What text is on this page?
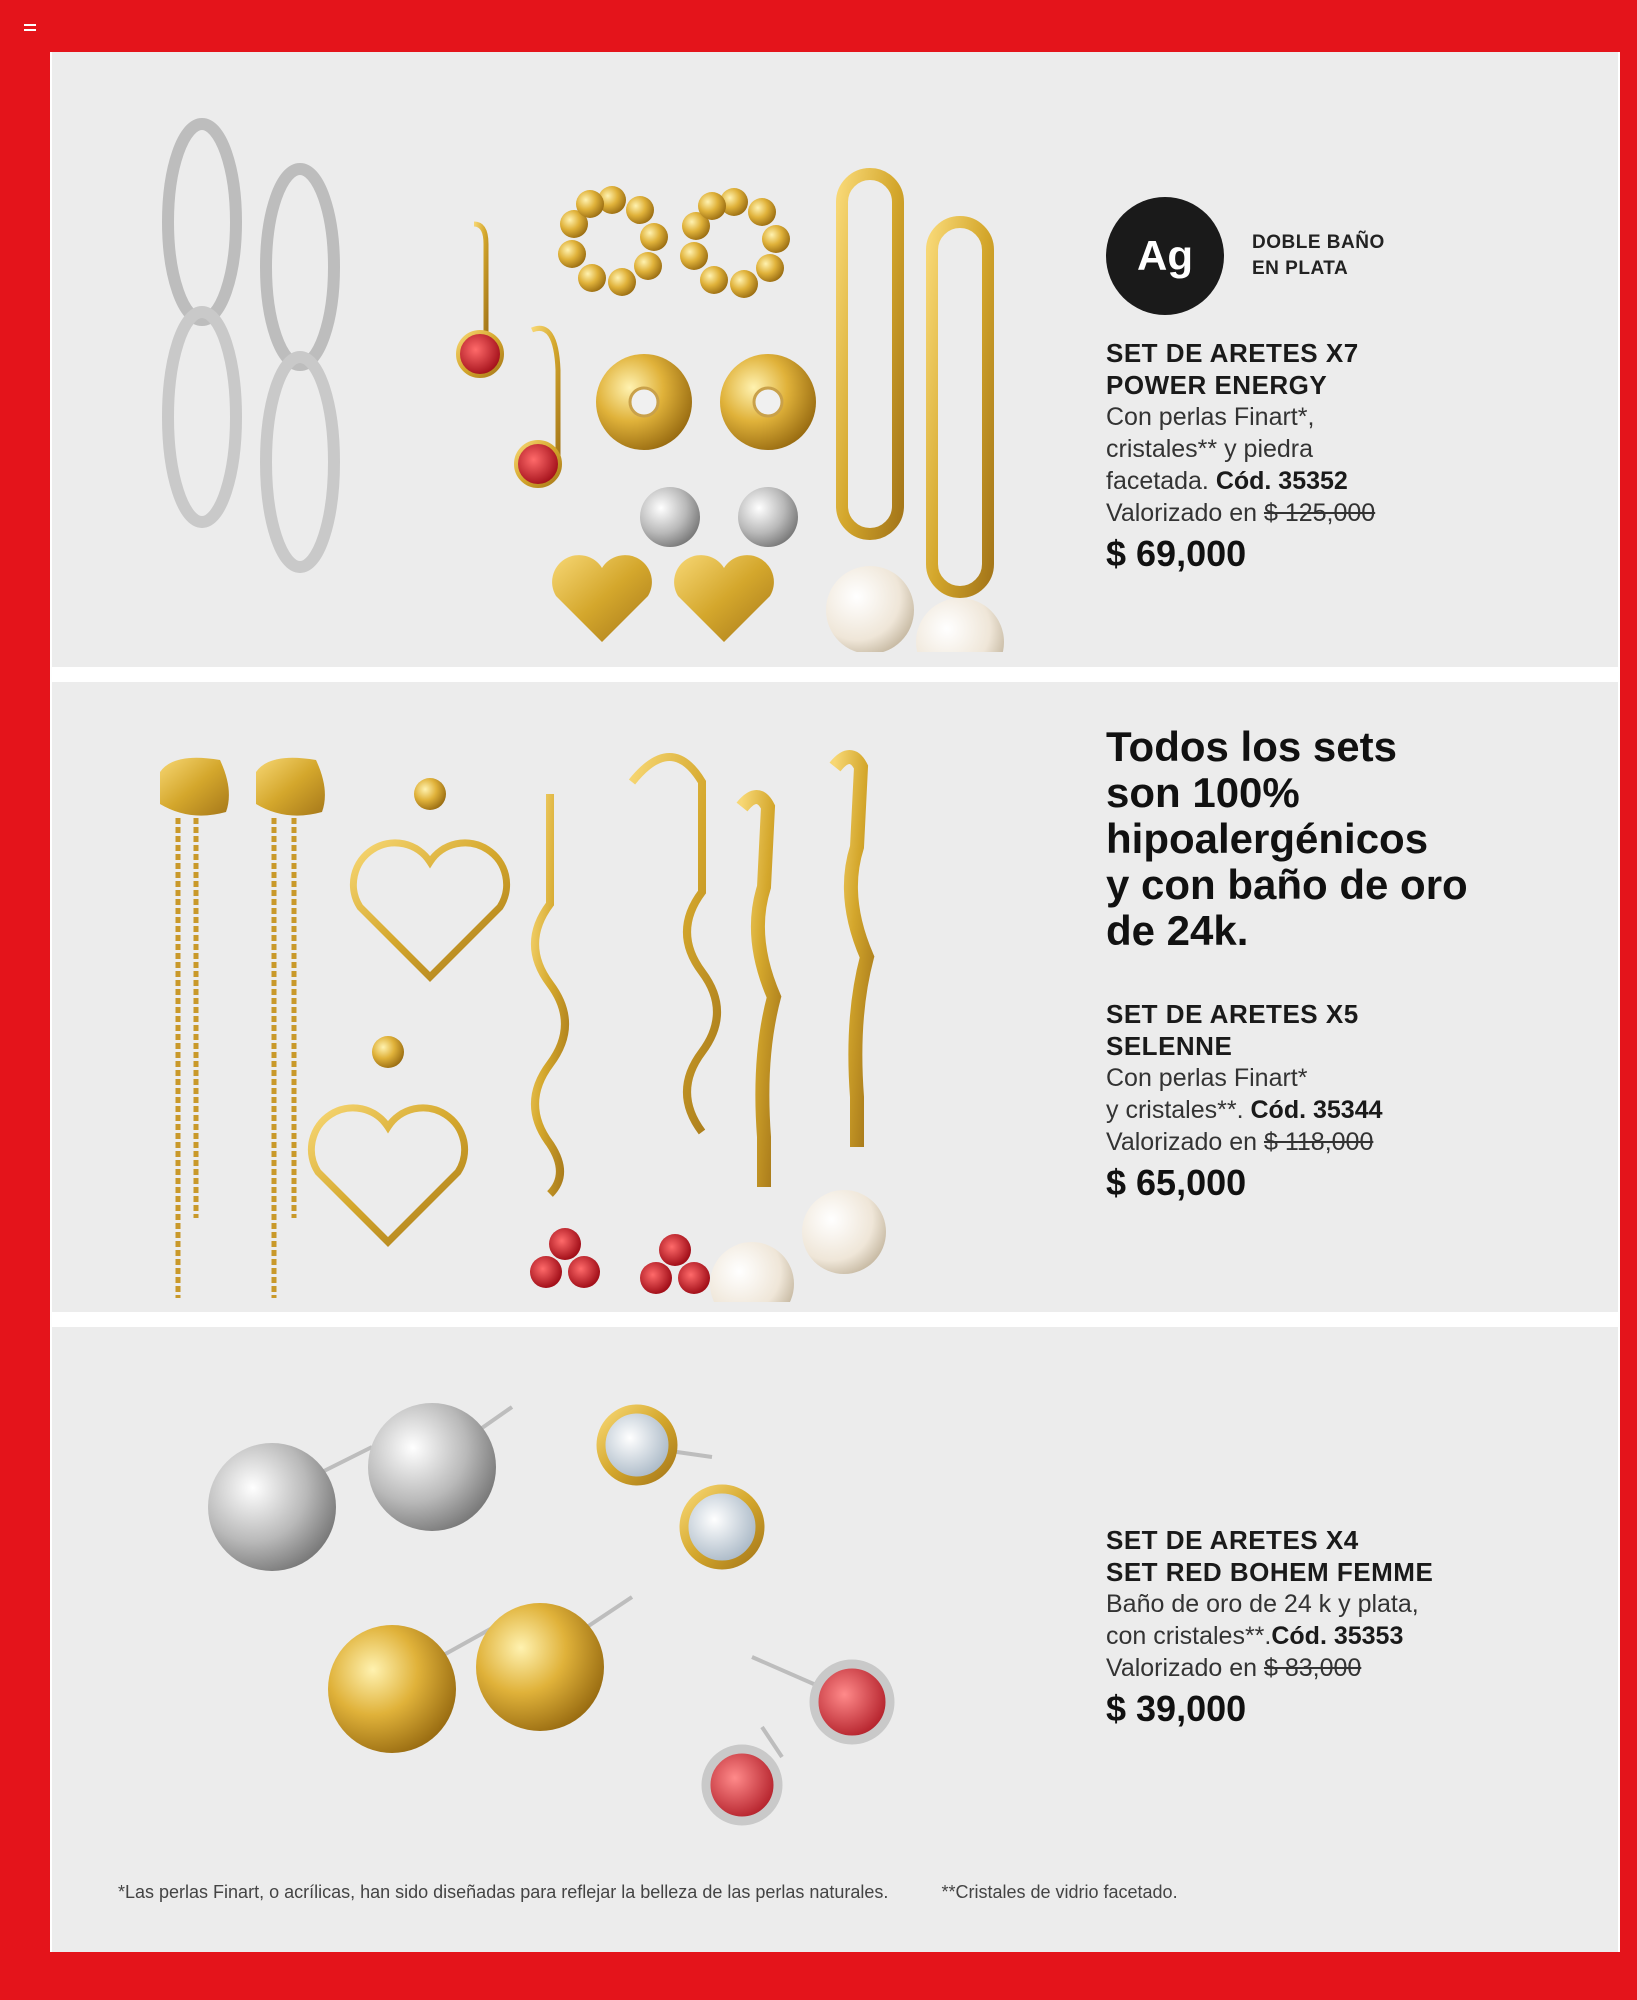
Ag	DOBLE BAÑO
EN PLATA
SET DE ARETES X7
POWER ENERGY
Con perlas Finart*,
cristales** y piedra
facetada. Cód. 35352
Valorizado en $ 125,000
$ 69,000
Todos los sets
son 100%
hipoalergénicos
y con baño de oro
de 24k.
SET DE ARETES X5
SELENNE
Con perlas Finart*
y cristales**. Cód. 35344
Valorizado en $ 118,000
$ 65,000
SET DE ARETES X4
SET RED BOHEM FEMME
Baño de oro de 24 k y plata,
con cristales**.Cód. 35353
Valorizado en $ 83,000
$ 39,000
*Las perlas Finart, o acrílicas, han sido diseñadas para reflejar la belleza de las perlas naturales.	**Cristales de vidrio facetado.
